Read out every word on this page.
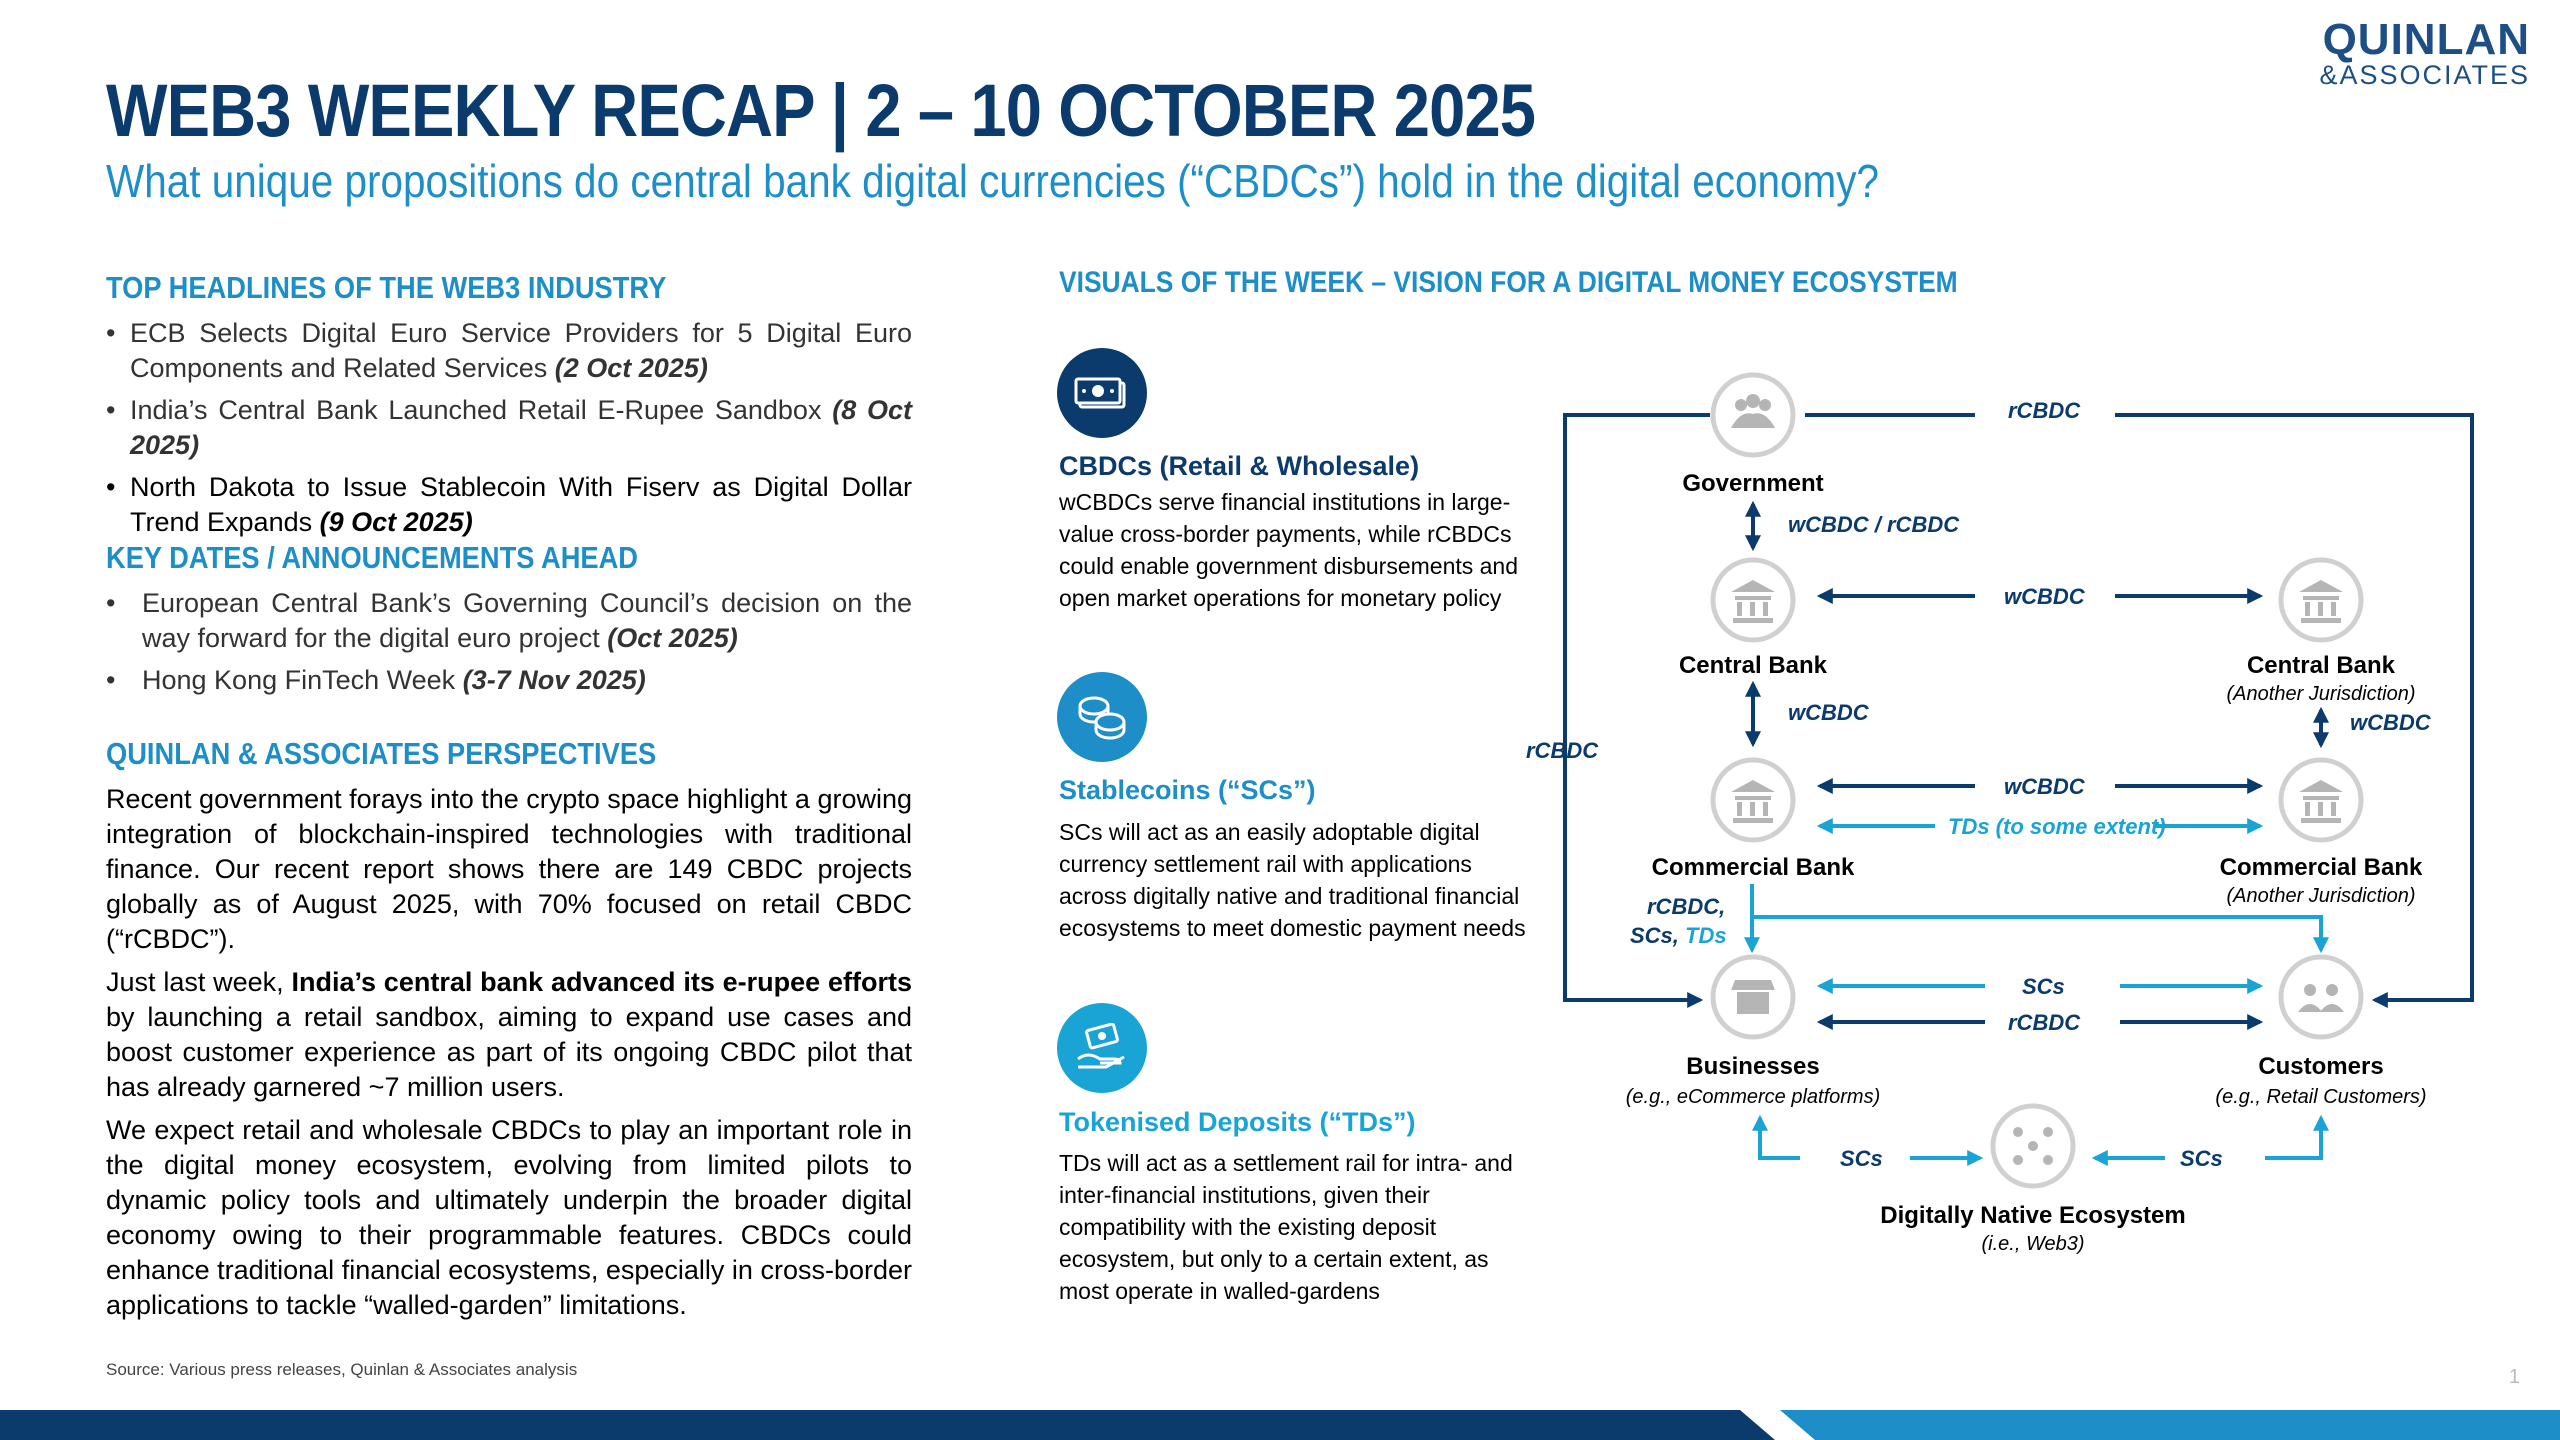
QUINLAN
&ASSOCIATES
WEB3 WEEKLY RECAP | 2 – 10 OCTOBER 2025
What unique propositions do central bank digital currencies (“CBDCs”) hold in the digital economy?
TOP HEADLINES OF THE WEB3 INDUSTRY
• ECB Selects Digital Euro Service Providers for 5 Digital Euro Components and Related Services (2 Oct 2025)
• India’s Central Bank Launched Retail E-Rupee Sandbox (8 Oct 2025)
• North Dakota to Issue Stablecoin With Fiserv as Digital Dollar Trend Expands (9 Oct 2025)
KEY DATES / ANNOUNCEMENTS AHEAD
• European Central Bank’s Governing Council’s decision on the way forward for the digital euro project (Oct 2025)
• Hong Kong FinTech Week (3-7 Nov 2025)
QUINLAN & ASSOCIATES PERSPECTIVES

Recent government forays into the crypto space highlight a growing integration of blockchain-inspired technologies with traditional finance. Our recent report shows there are 149 CBDC projects globally as of August 2025, with 70% focused on retail CBDC (“rCBDC”).

Just last week, India’s central bank advanced its e-rupee efforts by launching a retail sandbox, aiming to expand use cases and boost customer experience as part of its ongoing CBDC pilot that has already garnered ~7 million users.

We expect retail and wholesale CBDCs to play an important role in the digital money ecosystem, evolving from limited pilots to dynamic policy tools and ultimately underpin the broader digital economy owing to their programmable features. CBDCs could enhance traditional financial ecosystems, especially in cross-border applications to tackle “walled-garden” limitations.

VISUALS OF THE WEEK – VISION FOR A DIGITAL MONEY ECOSYSTEM
CBDCs (Retail & Wholesale)
wCBDCs serve financial institutions in large-value cross-border payments, while rCBDCs could enable government disbursements and open market operations for monetary policy
Stablecoins (“SCs”)
SCs will act as an easily adoptable digital currency settlement rail with applications across digitally native and traditional financial ecosystems to meet domestic payment needs
Tokenised Deposits (“TDs”)
TDs will act as a settlement rail for intra- and inter-financial institutions, given their compatibility with the existing deposit ecosystem, but only to a certain extent, as most operate in walled-gardens
Government
Central Bank	Central Bank
(Another Jurisdiction)
Commercial Bank	Commercial Bank
(Another Jurisdiction)
Businesses
(e.g., eCommerce platforms)
Customers
(e.g., Retail Customers)
Digitally Native Ecosystem
(i.e., Web3)
rCBDC
wCBDC / rCBDC
wCBDC
wCBDC	wCBDC
rCBDC
wCBDC
TDs (to some extent)
rCBDC,
SCs, TDs
SCs
rCBDC
SCs	SCs
Source: Various press releases, Quinlan & Associates analysis	1
